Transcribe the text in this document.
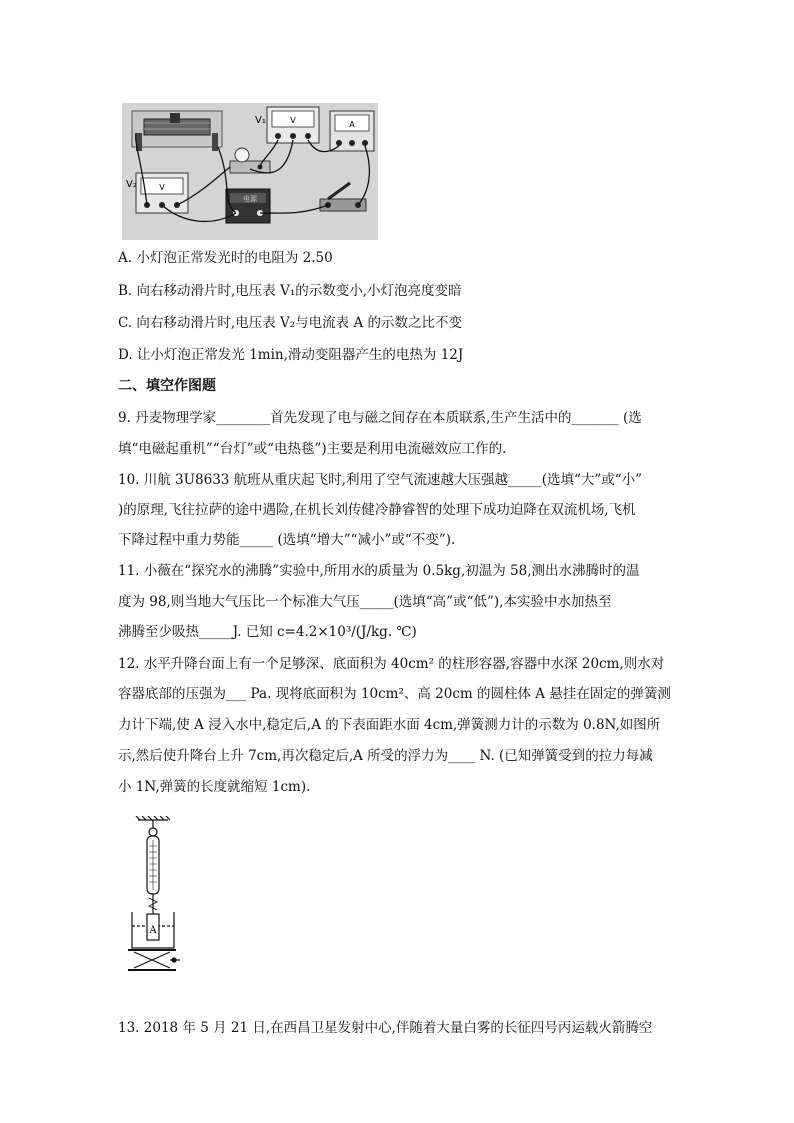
V
V₁	A
V
V₂
电源
A. 小灯泡正常发光时的电阻为 2.50
B. 向右移动滑片时,电压表 V₁的示数变小,小灯泡亮度变暗
C. 向右移动滑片时,电压表 V₂与电流表 A 的示数之比不变
D. 让小灯泡正常发光 1min,滑动变阻器产生的电热为 12J
二、填空作图题
9. 丹麦物理学家________首先发现了电与磁之间存在本质联系,生产生活中的_______ (选
填“电磁起重机”“台灯”或“电热毯”)主要是利用电流磁效应工作的.
10. 川航 3U8633 航班从重庆起飞时,利用了空气流速越大压强越_____(选填“大”或“小”
)的原理,飞往拉萨的途中遇险,在机长刘传健冷静睿智的处理下成功迫降在双流机场,飞机
下降过程中重力势能_____ (选填“增大”“减小”或“不变”).
11. 小薇在“探究水的沸腾”实验中,所用水的质量为 0.5kg,初温为 58,测出水沸腾时的温
度为 98,则当地大气压比一个标准大气压_____(选填“高”或“低”),本实验中水加热至
沸腾至少吸热_____J. 已知 c=4.2×10³/(J/kg. ℃)
12. 水平升降台面上有一个足够深、底面积为 40cm² 的柱形容器,容器中水深 20cm,则水对
容器底部的压强为___ Pa. 现将底面积为 10cm²、高 20cm 的圆柱体 A 悬挂在固定的弹簧测
力计下端,使 A 浸入水中,稳定后,A 的下表面距水面 4cm,弹簧测力计的示数为 0.8N,如图所
示,然后使升降台上升 7cm,再次稳定后,A 所受的浮力为____ N. (已知弹簧受到的拉力每减
小 1N,弹簧的长度就缩短 1cm).
A
13. 2018 年 5 月 21 日,在西昌卫星发射中心,伴随着大量白雾的长征四号丙运载火箭腾空
